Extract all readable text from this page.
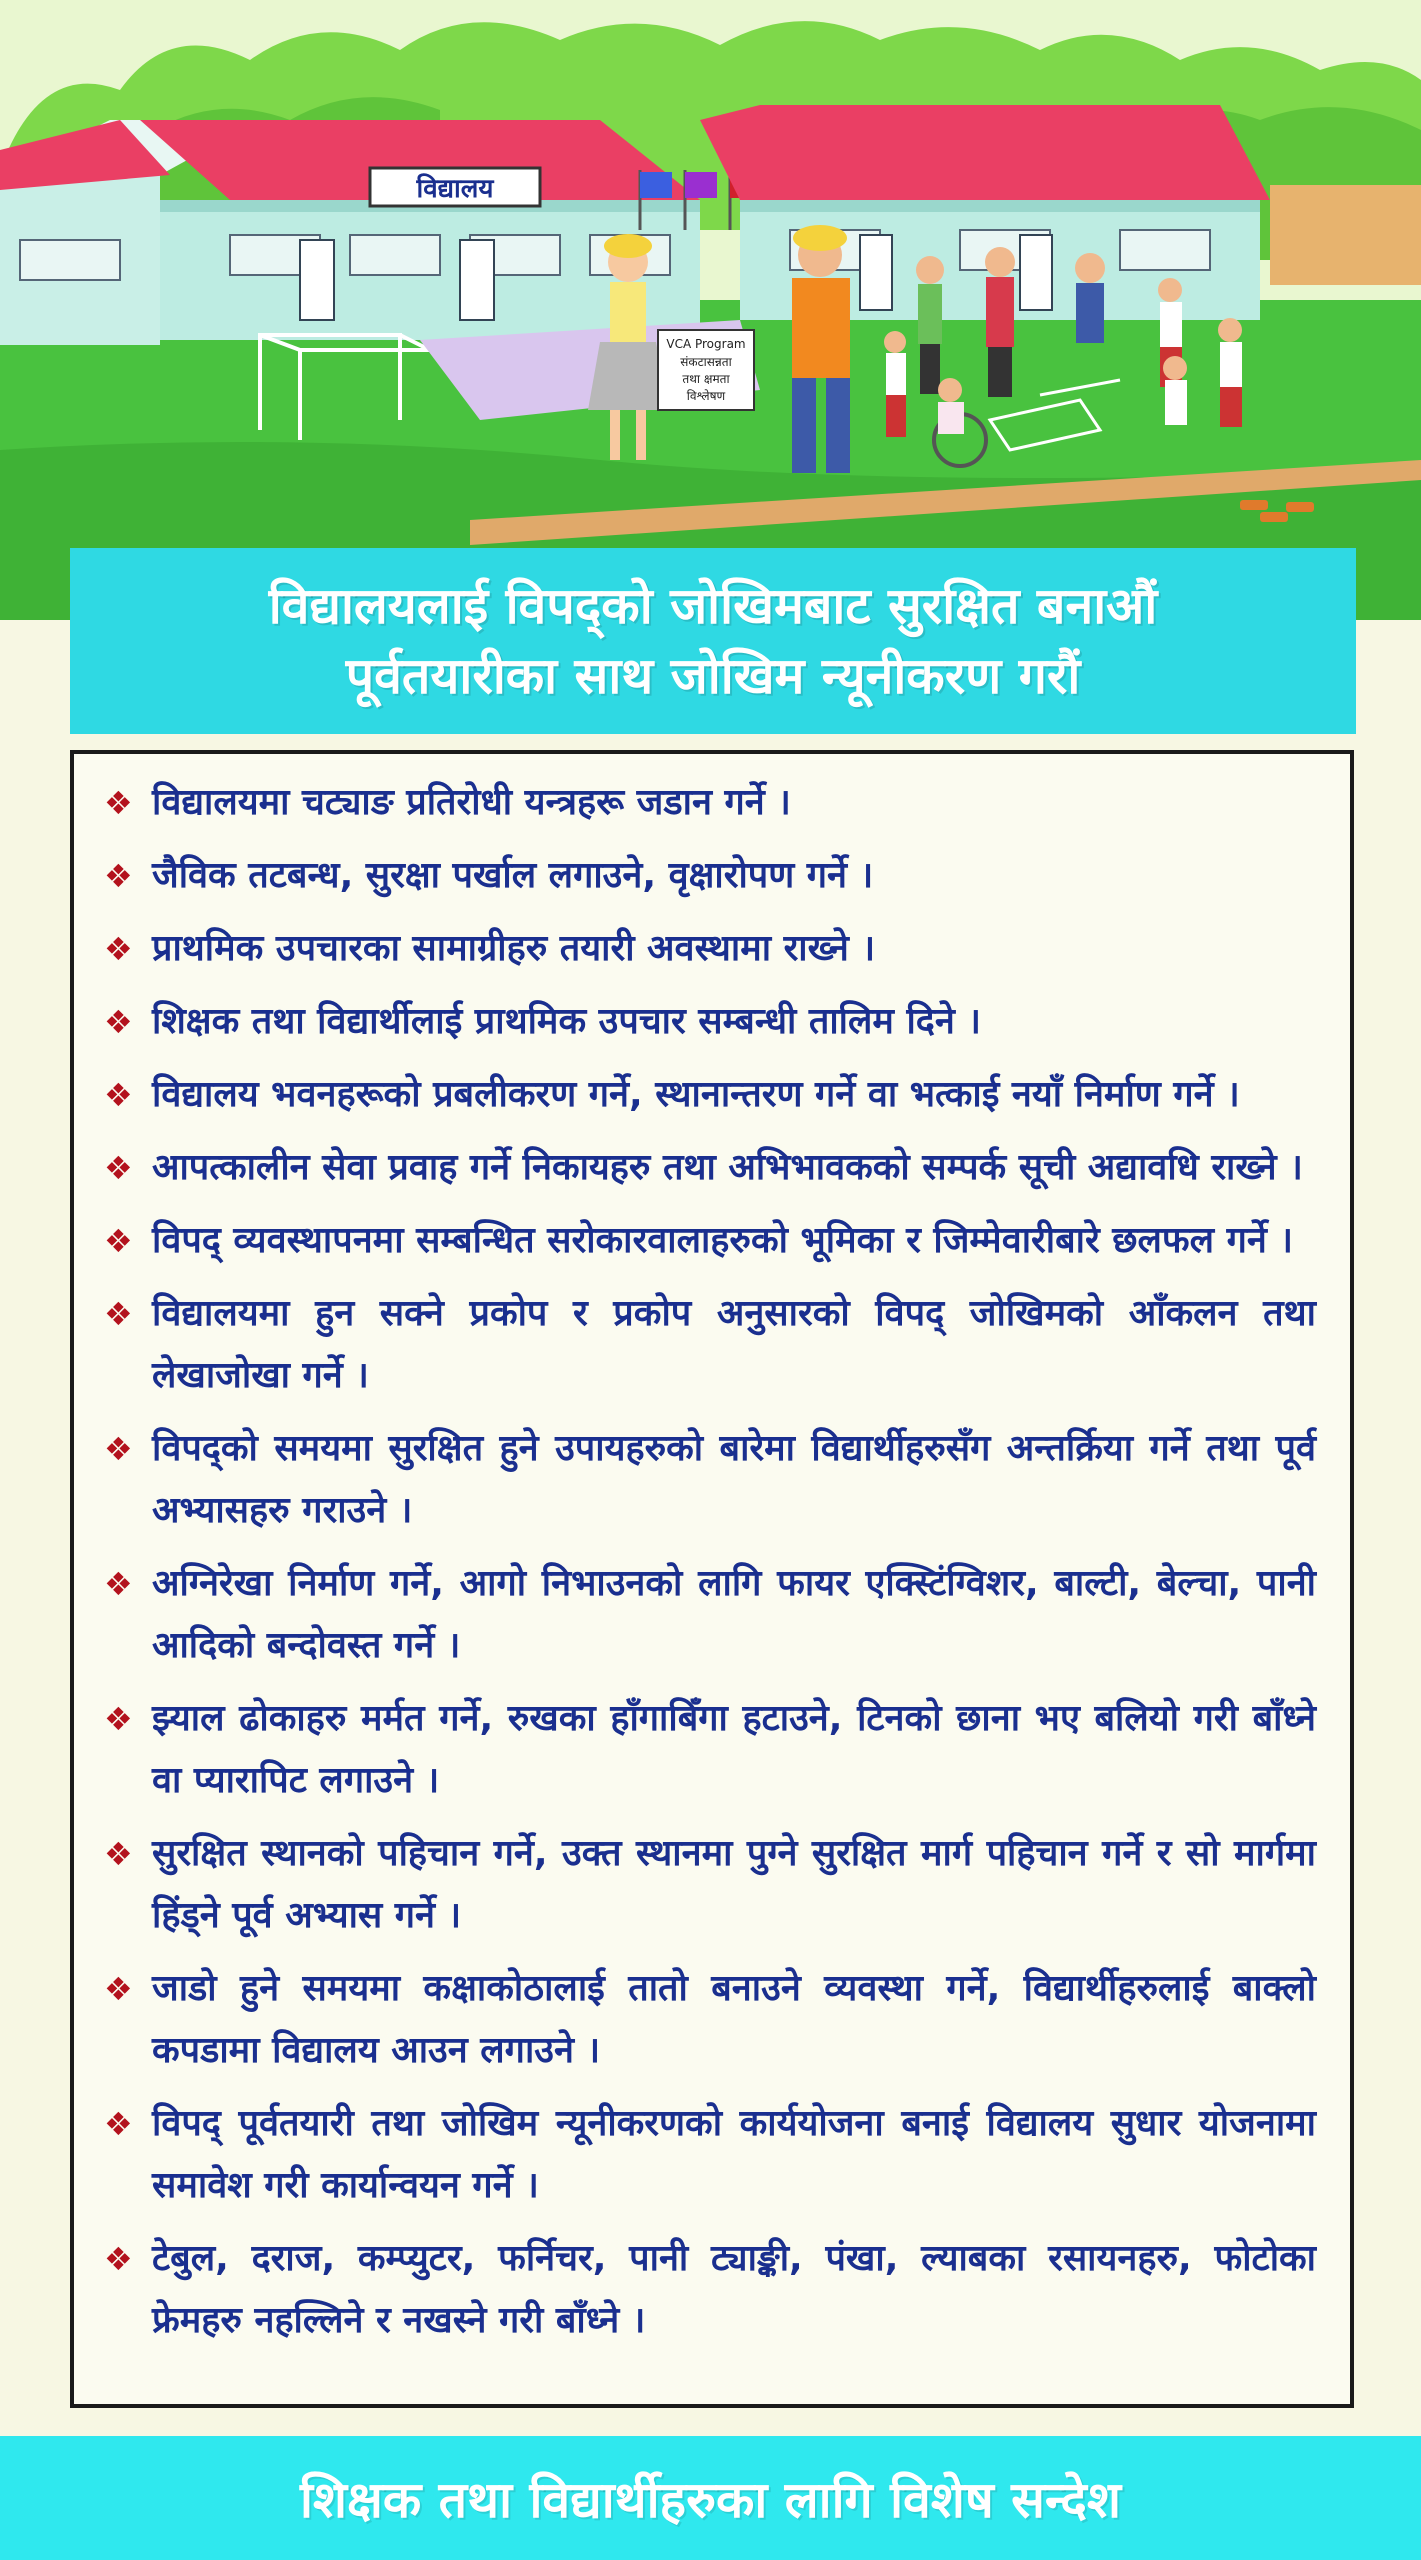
विद्यालय
VCA Program
संकटासन्नता
तथा क्षमता
विश्लेषण
विद्यालयलाई विपद्को जोखिमबाट सुरक्षित बनाऔं
पूर्वतयारीका साथ जोखिम न्यूनीकरण गरौं
❖ विद्यालयमा चट्याङ प्रतिरोधी यन्त्रहरू जडान गर्ने ।
❖ जैविक तटबन्ध, सुरक्षा पर्खाल लगाउने, वृक्षारोपण गर्ने ।
❖ प्राथमिक उपचारका सामाग्रीहरु तयारी अवस्थामा राख्ने ।
❖ शिक्षक तथा विद्यार्थीलाई प्राथमिक उपचार सम्बन्धी तालिम दिने ।
❖ विद्यालय भवनहरूको प्रबलीकरण गर्ने, स्थानान्तरण गर्ने वा भत्काई नयाँ निर्माण गर्ने ।
❖ आपत्कालीन सेवा प्रवाह गर्ने निकायहरु तथा अभिभावकको सम्पर्क सूची अद्यावधि राख्ने ।
❖ विपद् व्यवस्थापनमा सम्बन्धित सरोकारवालाहरुको भूमिका र जिम्मेवारीबारे छलफल गर्ने ।
❖ विद्यालयमा हुन सक्ने प्रकोप र प्रकोप अनुसारको विपद् जोखिमको आँकलन तथा लेखाजोखा गर्ने ।
❖ विपद्को समयमा सुरक्षित हुने उपायहरुको बारेमा विद्यार्थीहरुसँग अन्तर्क्रिया गर्ने तथा पूर्व अभ्यासहरु गराउने ।
❖ अग्निरेखा निर्माण गर्ने, आगो निभाउनको लागि फायर एक्स्टिंग्विशर, बाल्टी, बेल्चा, पानी आदिको बन्दोवस्त गर्ने ।
❖ झ्याल ढोकाहरु मर्मत गर्ने, रुखका हाँगाबिँगा हटाउने, टिनको छाना भए बलियो गरी बाँध्ने वा प्यारापिट लगाउने ।
❖ सुरक्षित स्थानको पहिचान गर्ने, उक्त स्थानमा पुग्ने सुरक्षित मार्ग पहिचान गर्ने र सो मार्गमा हिंड्ने पूर्व अभ्यास गर्ने ।
❖ जाडो हुने समयमा कक्षाकोठालाई तातो बनाउने व्यवस्था गर्ने, विद्यार्थीहरुलाई बाक्लो कपडामा विद्यालय आउन लगाउने ।
❖ विपद् पूर्वतयारी तथा जोखिम न्यूनीकरणको कार्ययोजना बनाई विद्यालय सुधार योजनामा समावेश गरी कार्यान्वयन गर्ने ।
❖ टेबुल, दराज, कम्प्युटर, फर्निचर, पानी ट्याङ्की, पंखा, ल्याबका रसायनहरु, फोटोका फ्रेमहरु नहल्लिने र नखस्ने गरी बाँध्ने ।
शिक्षक तथा विद्यार्थीहरुका लागि विशेष सन्देश
